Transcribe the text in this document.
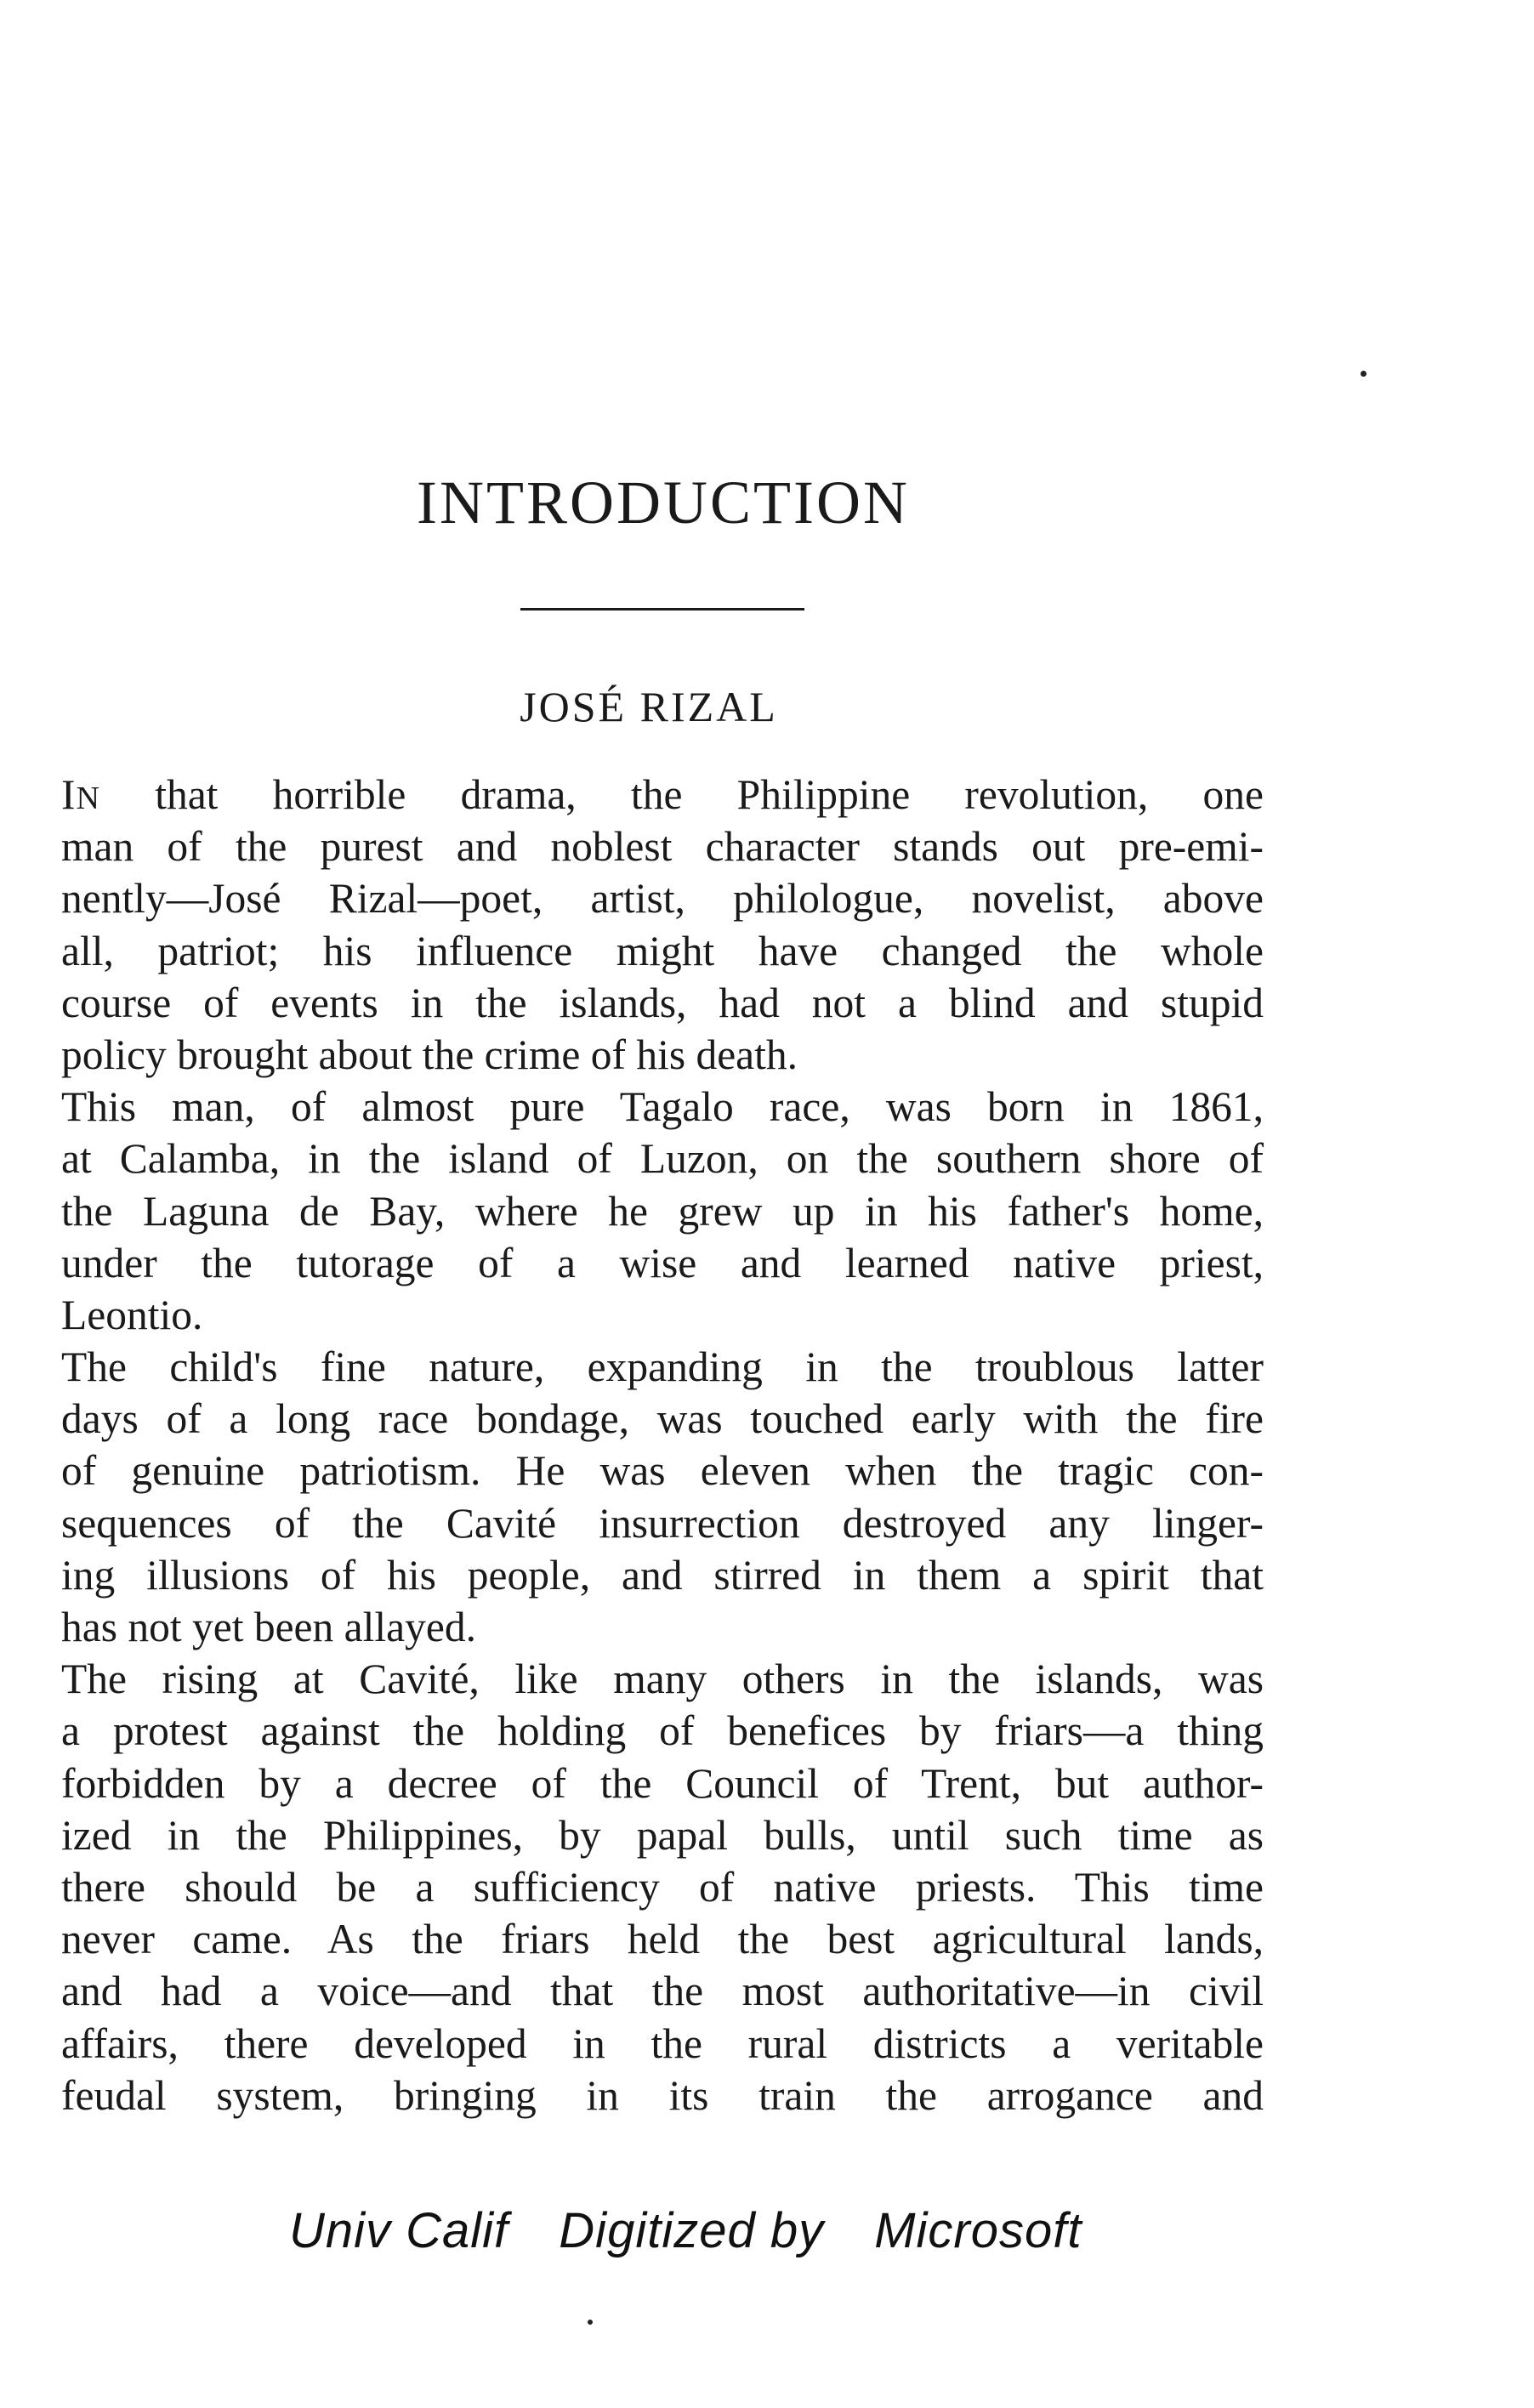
INTRODUCTION
JOSÉ RIZAL
IN that horrible drama, the Philippine revolution, one
man of the purest and noblest character stands out pre-emi-
nently—José Rizal—poet, artist, philologue, novelist, above
all, patriot; his influence might have changed the whole
course of events in the islands, had not a blind and stupid
policy brought about the crime of his death.
This man, of almost pure Tagalo race, was born in 1861,
at Calamba, in the island of Luzon, on the southern shore of
the Laguna de Bay, where he grew up in his father's home,
under the tutorage of a wise and learned native priest,
Leontio.
The child's fine nature, expanding in the troublous latter
days of a long race bondage, was touched early with the fire
of genuine patriotism. He was eleven when the tragic con-
sequences of the Cavité insurrection destroyed any linger-
ing illusions of his people, and stirred in them a spirit that
has not yet been allayed.
The rising at Cavité, like many others in the islands, was
a protest against the holding of benefices by friars—a thing
forbidden by a decree of the Council of Trent, but author-
ized in the Philippines, by papal bulls, until such time as
there should be a sufficiency of native priests. This time
never came. As the friars held the best agricultural lands,
and had a voice—and that the most authoritative—in civil
affairs, there developed in the rural districts a veritable
feudal system, bringing in its train the arrogance and
Univ Calif Digitized by Microsoft
